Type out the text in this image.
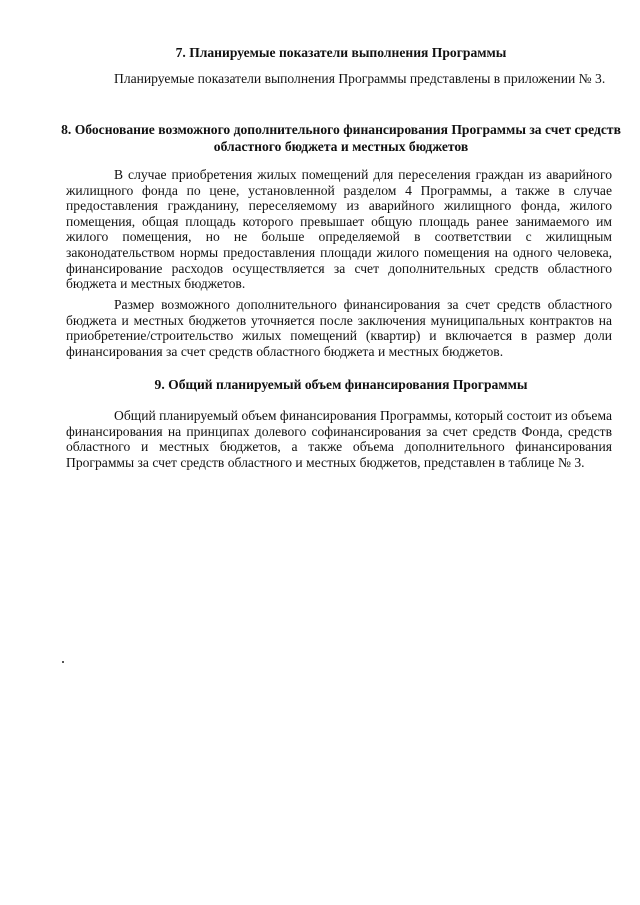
7. Планируемые показатели выполнения Программы
Планируемые показатели выполнения Программы представлены в приложении № 3.
8. Обоснование возможного дополнительного финансирования Программы за счет средств областного бюджета и местных бюджетов
В случае приобретения жилых помещений для переселения граждан из аварийного жилищного фонда по цене, установленной разделом 4 Программы, а также в случае предоставления гражданину, переселяемому из аварийного жилищного фонда, жилого помещения, общая площадь которого превышает общую площадь ранее занимаемого им жилого помещения, но не больше определяемой в соответствии с жилищным законодательством нормы предоставления площади жилого помещения на одного человека, финансирование расходов осуществляется за счет дополнительных средств областного бюджета и местных бюджетов.
Размер возможного дополнительного финансирования за счет средств областного бюджета и местных бюджетов уточняется после заключения муниципальных контрактов на приобретение/строительство жилых помещений (квартир) и включается в размер доли финансирования за счет средств областного бюджета и местных бюджетов.
9. Общий планируемый объем финансирования Программы
Общий планируемый объем финансирования Программы, который состоит из объема финансирования на принципах долевого софинансирования за счет средств Фонда, средств областного и местных бюджетов, а также объема дополнительного финансирования Программы за счет средств областного и местных бюджетов, представлен в таблице № 3.
